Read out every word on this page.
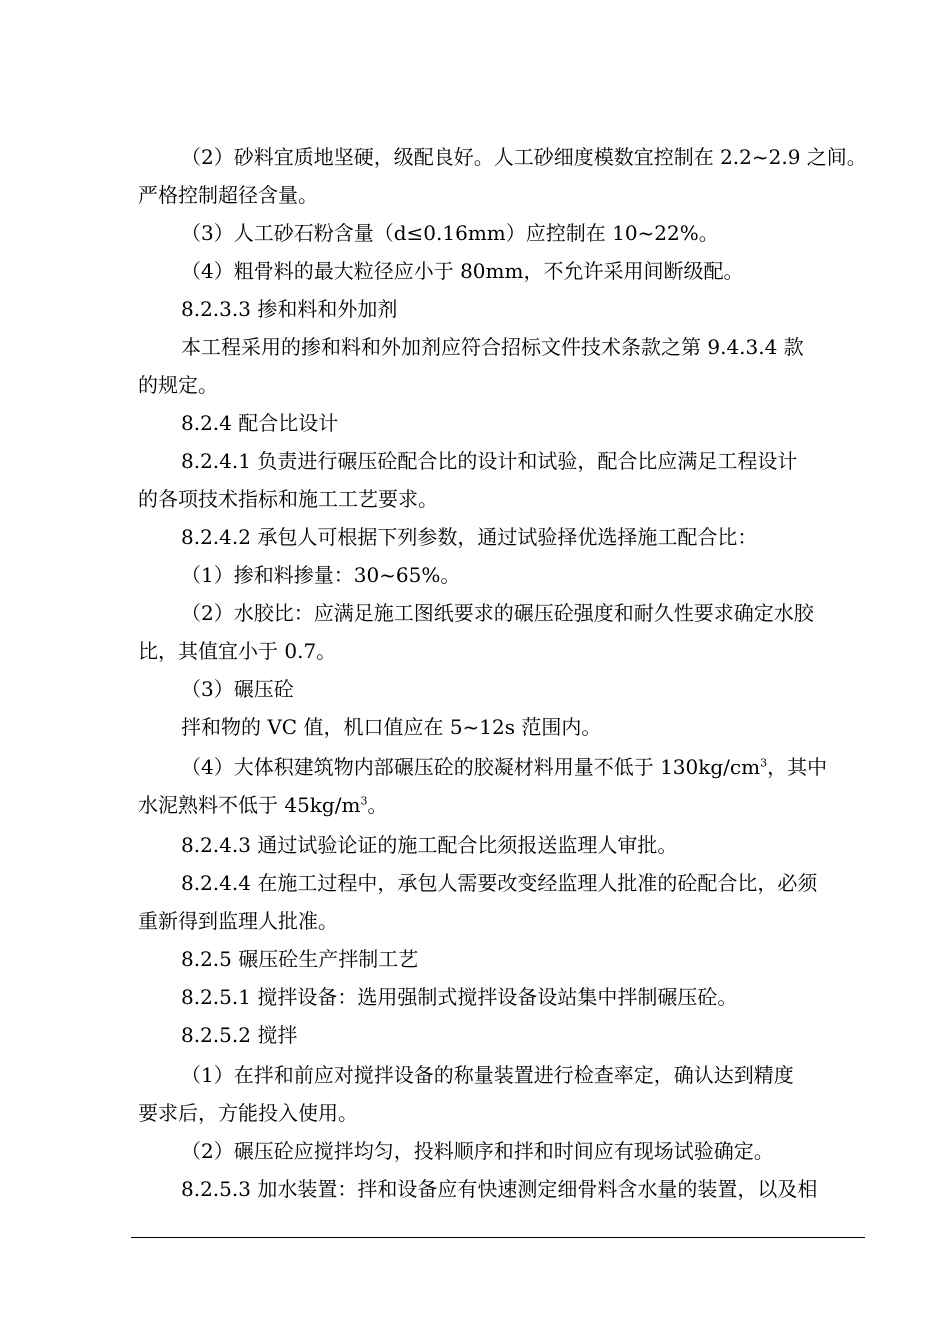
（2）砂料宜质地坚硬，级配良好。人工砂细度模数宜控制在 2.2~2.9 之间。
严格控制超径含量。
（3）人工砂石粉含量（d≤0.16mm）应控制在 10~22%。
（4）粗骨料的最大粒径应小于 80mm，不允许采用间断级配。
8.2.3.3 掺和料和外加剂
本工程采用的掺和料和外加剂应符合招标文件技术条款之第 9.4.3.4 款
的规定。
8.2.4 配合比设计
8.2.4.1 负责进行碾压砼配合比的设计和试验，配合比应满足工程设计
的各项技术指标和施工工艺要求。
8.2.4.2 承包人可根据下列参数，通过试验择优选择施工配合比：
（1）掺和料掺量：30~65%。
（2）水胶比：应满足施工图纸要求的碾压砼强度和耐久性要求确定水胶
比，其值宜小于 0.7。
（3）碾压砼
拌和物的 VC 值，机口值应在 5~12s 范围内。
（4）大体积建筑物内部碾压砼的胶凝材料用量不低于 $130kg/cm^3$，其中
水泥熟料不低于 $45kg/m^3$。
8.2.4.3 通过试验论证的施工配合比须报送监理人审批。
8.2.4.4 在施工过程中，承包人需要改变经监理人批准的砼配合比，必须
重新得到监理人批准。
8.2.5 碾压砼生产拌制工艺
8.2.5.1 搅拌设备：选用强制式搅拌设备设站集中拌制碾压砼。
8.2.5.2 搅拌
（1）在拌和前应对搅拌设备的称量装置进行检查率定，确认达到精度
要求后，方能投入使用。
（2）碾压砼应搅拌均匀，投料顺序和拌和时间应有现场试验确定。
8.2.5.3 加水装置：拌和设备应有快速测定细骨料含水量的装置，以及相
